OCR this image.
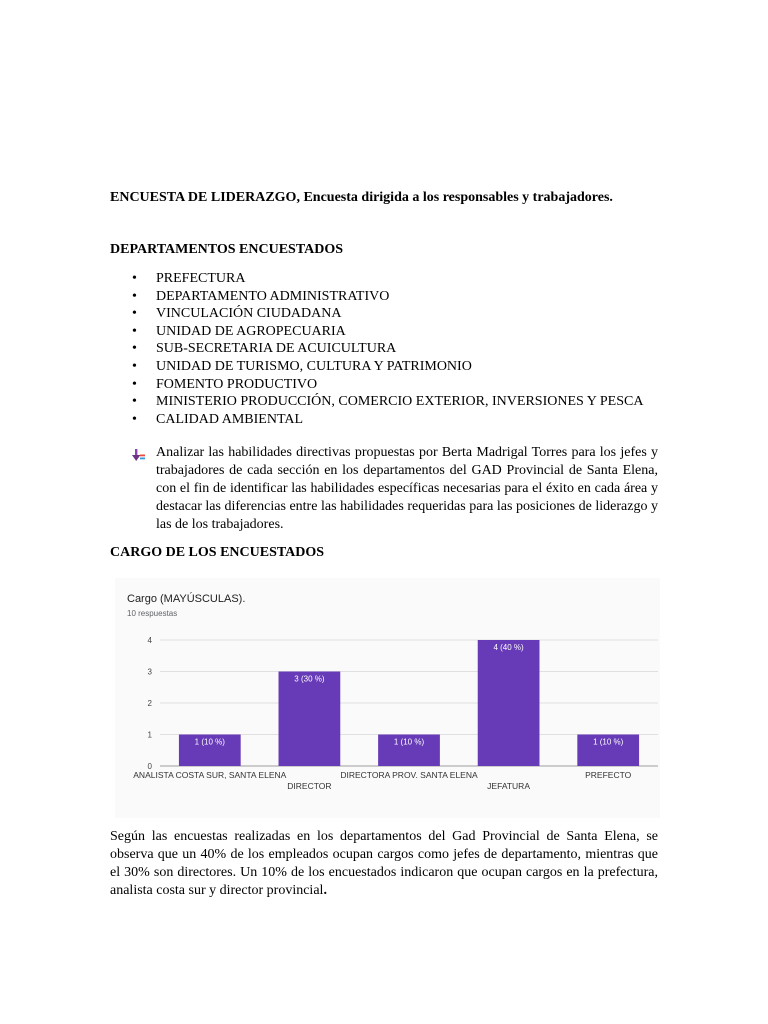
ENCUESTA DE LIDERAZGO, Encuesta dirigida a los responsables y trabajadores.
DEPARTAMENTOS ENCUESTADOS
• PREFECTURA
• DEPARTAMENTO ADMINISTRATIVO
• VINCULACIÓN CIUDADANA
• UNIDAD DE AGROPECUARIA
• SUB-SECRETARIA DE ACUICULTURA
• UNIDAD DE TURISMO, CULTURA Y PATRIMONIO
• FOMENTO PRODUCTIVO
• MINISTERIO PRODUCCIÓN, COMERCIO EXTERIOR, INVERSIONES Y PESCA
• CALIDAD AMBIENTAL
Analizar las habilidades directivas propuestas por Berta Madrigal Torres para los jefes y trabajadores de cada sección en los departamentos del GAD Provincial de Santa Elena, con el fin de identificar las habilidades específicas necesarias para el éxito en cada área y destacar las diferencias entre las habilidades requeridas para las posiciones de liderazgo y las de los trabajadores.
CARGO DE LOS ENCUESTADOS
Según las encuestas realizadas en los departamentos del Gad Provincial de Santa Elena, se observa que un 40% de los empleados ocupan cargos como jefes de departamento, mientras que el 30% son directores. Un 10% de los encuestados indicaron que ocupan cargos en la prefectura, analista costa sur y director provincial.
Cargo (MAYÚSCULAS).
10 respuestas
0
1
2
3
4
1 (10 %)
ANALISTA COSTA SUR, SANTA ELENA
3 (30 %)
DIRECTOR
1 (10 %)
DIRECTORA PROV. SANTA ELENA
4 (40 %)
JEFATURA
1 (10 %)
PREFECTO
